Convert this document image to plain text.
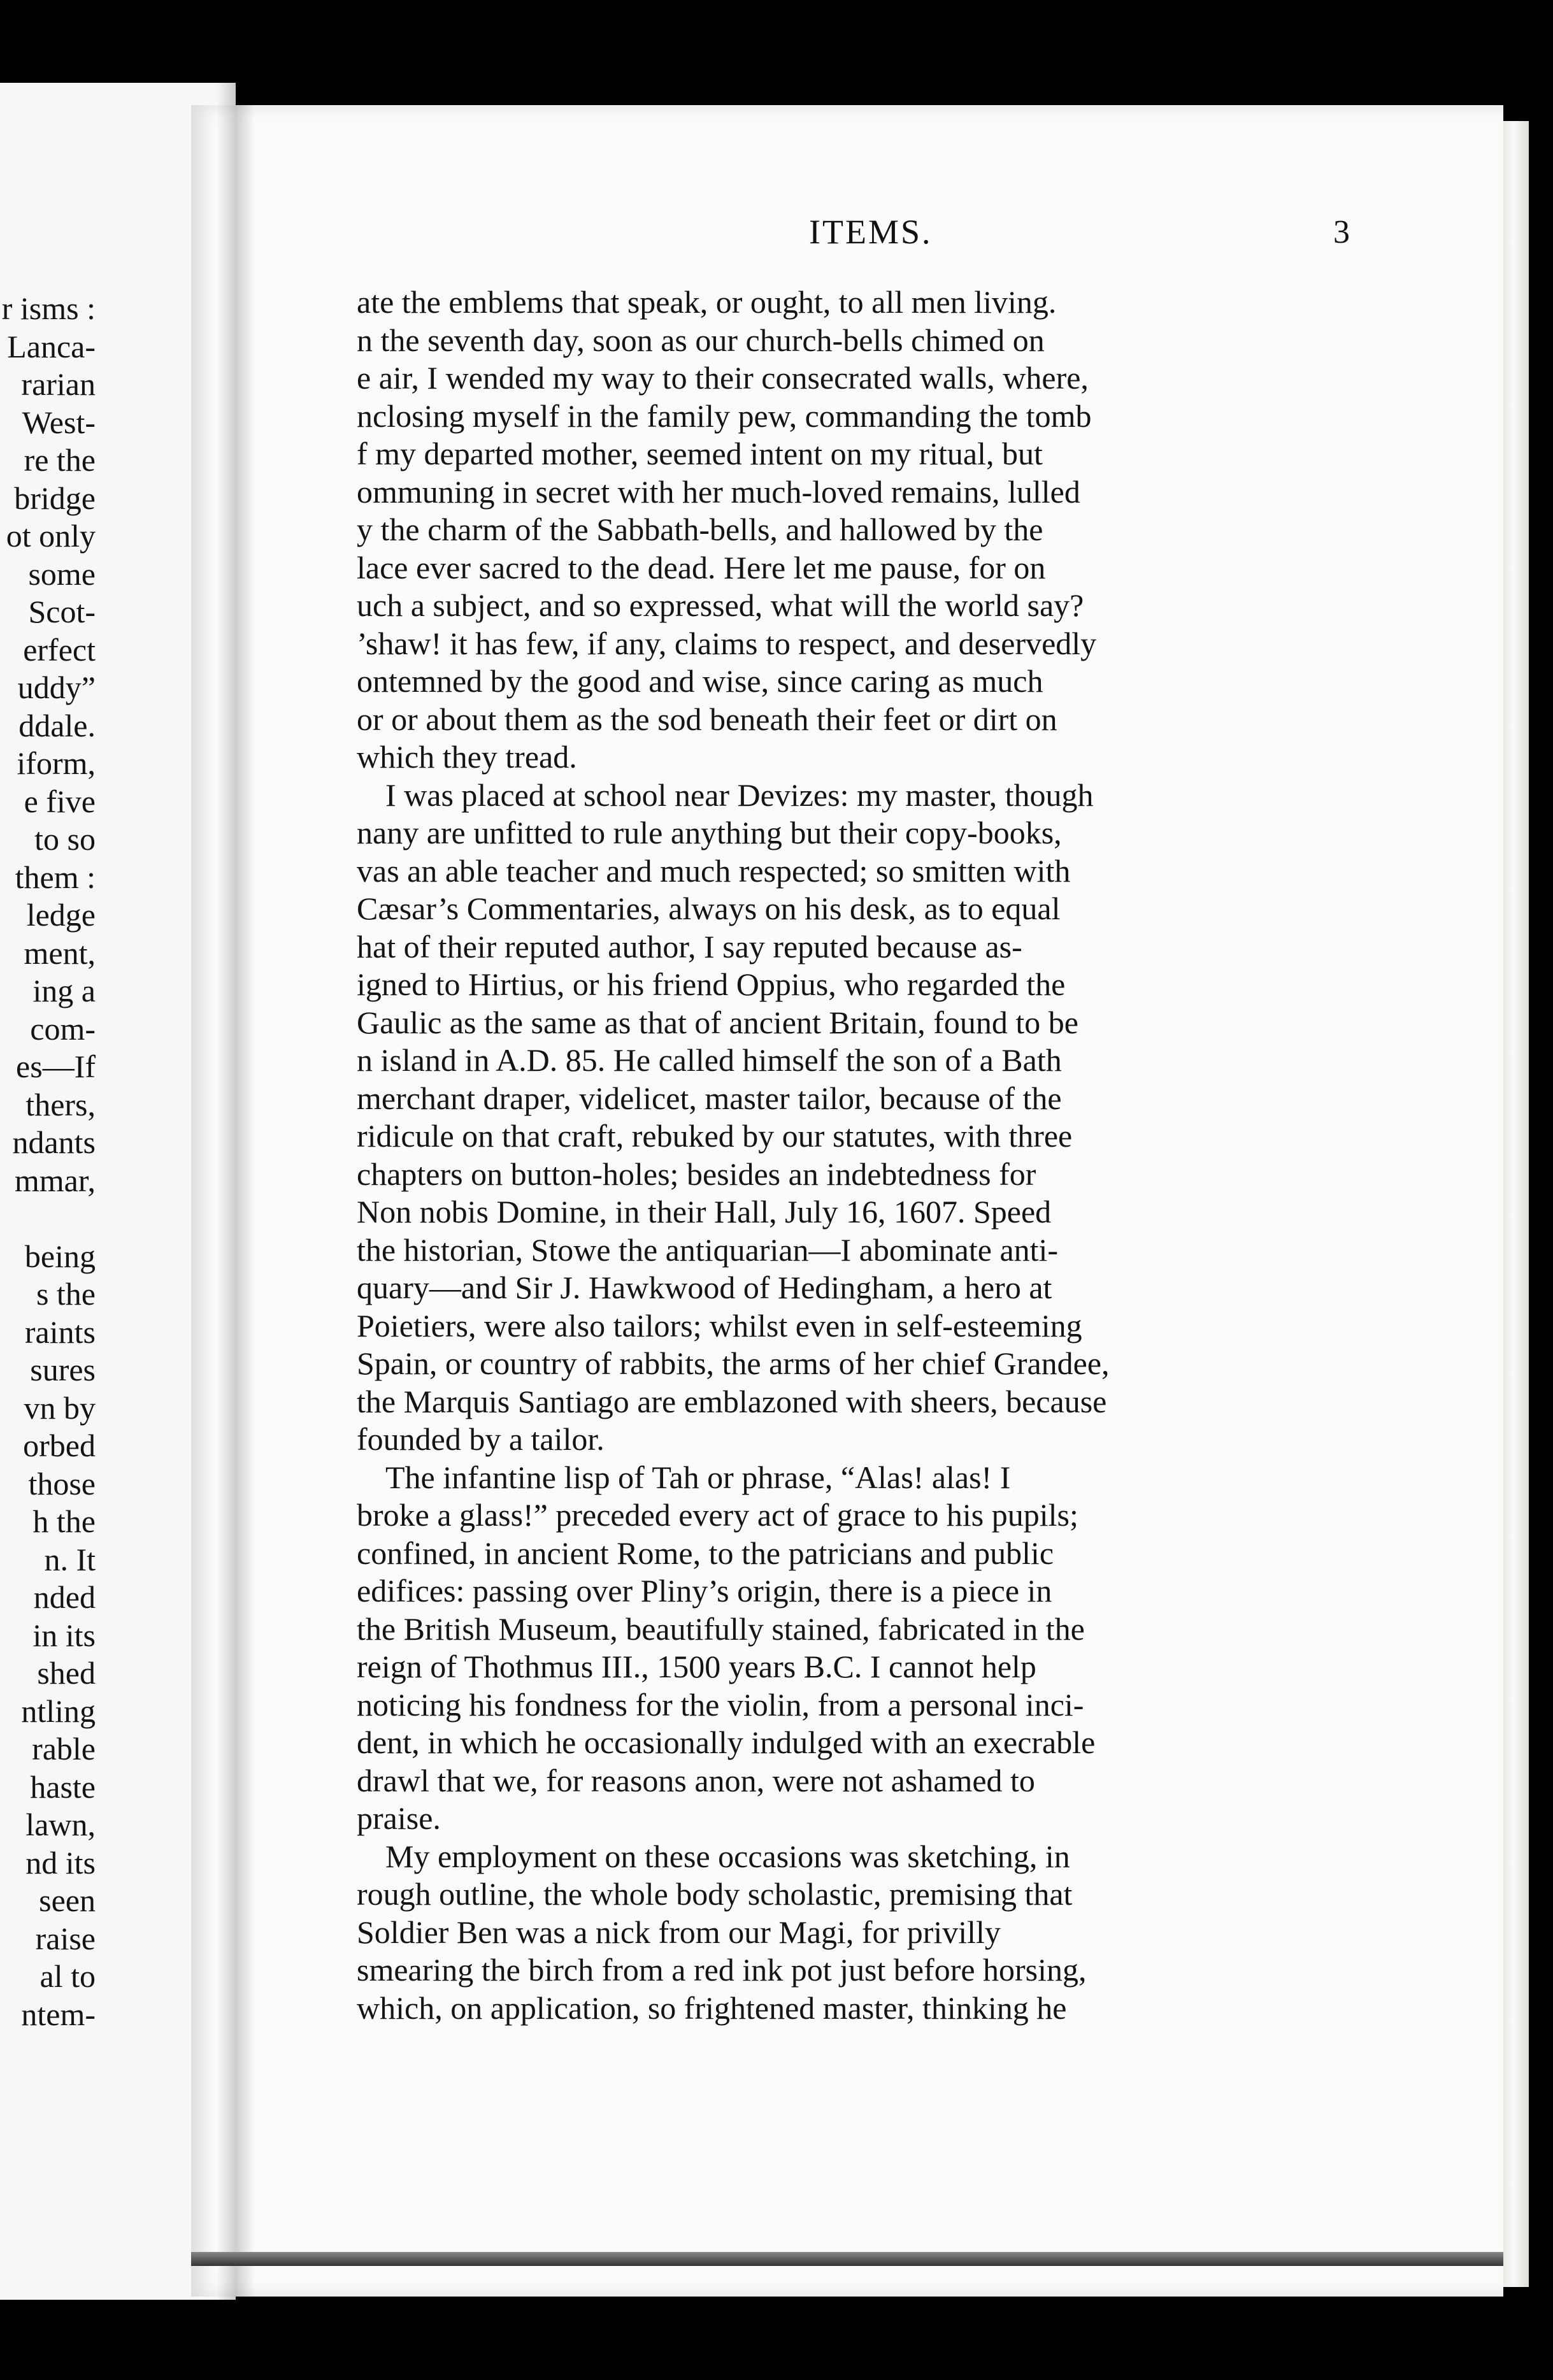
r isms :
Lanca-
rarian
West-
re the
bridge
ot only
some
Scot-
erfect
uddy”
ddale.
iform,
e five
to so
them :
ledge
ment,
ing a
com-
es—If
thers,
ndants
mmar,
being
s the
raints
sures
vn by
orbed
those
h the
n. It
nded
in its
shed
ntling
rable
haste
lawn,
nd its
seen
raise
al to
ntem-
ITEMS.	3

ate the emblems that speak, or ought, to all men living.
n the seventh day, soon as our church-bells chimed on
e air, I wended my way to their consecrated walls, where,
nclosing myself in the family pew, commanding the tomb
f my departed mother, seemed intent on my ritual, but
ommuning in secret with her much-loved remains, lulled
y the charm of the Sabbath-bells, and hallowed by the
lace ever sacred to the dead. Here let me pause, for on
uch a subject, and so expressed, what will the world say?
’shaw! it has few, if any, claims to respect, and deservedly
ontemned by the good and wise, since caring as much
or or about them as the sod beneath their feet or dirt on
which they tread.

I was placed at school near Devizes: my master, though
nany are unfitted to rule anything but their copy-books,
vas an able teacher and much respected; so smitten with
Cæsar’s Commentaries, always on his desk, as to equal
hat of their reputed author, I say reputed because as-
igned to Hirtius, or his friend Oppius, who regarded the
Gaulic as the same as that of ancient Britain, found to be
n island in A.D. 85. He called himself the son of a Bath
merchant draper, videlicet, master tailor, because of the
ridicule on that craft, rebuked by our statutes, with three
chapters on button-holes; besides an indebtedness for
Non nobis Domine, in their Hall, July 16, 1607. Speed
the historian, Stowe the antiquarian—I abominate anti-
quary—and Sir J. Hawkwood of Hedingham, a hero at
Poietiers, were also tailors; whilst even in self-esteeming
Spain, or country of rabbits, the arms of her chief Grandee,
the Marquis Santiago are emblazoned with sheers, because
founded by a tailor.

The infantine lisp of Tah or phrase, “Alas! alas! I
broke a glass!” preceded every act of grace to his pupils;
confined, in ancient Rome, to the patricians and public
edifices: passing over Pliny’s origin, there is a piece in
the British Museum, beautifully stained, fabricated in the
reign of Thothmus III., 1500 years B.C. I cannot help
noticing his fondness for the violin, from a personal inci-
dent, in which he occasionally indulged with an execrable
drawl that we, for reasons anon, were not ashamed to
praise.

My employment on these occasions was sketching, in
rough outline, the whole body scholastic, premising that
Soldier Ben was a nick from our Magi, for privilly
smearing the birch from a red ink pot just before horsing,
which, on application, so frightened master, thinking he
